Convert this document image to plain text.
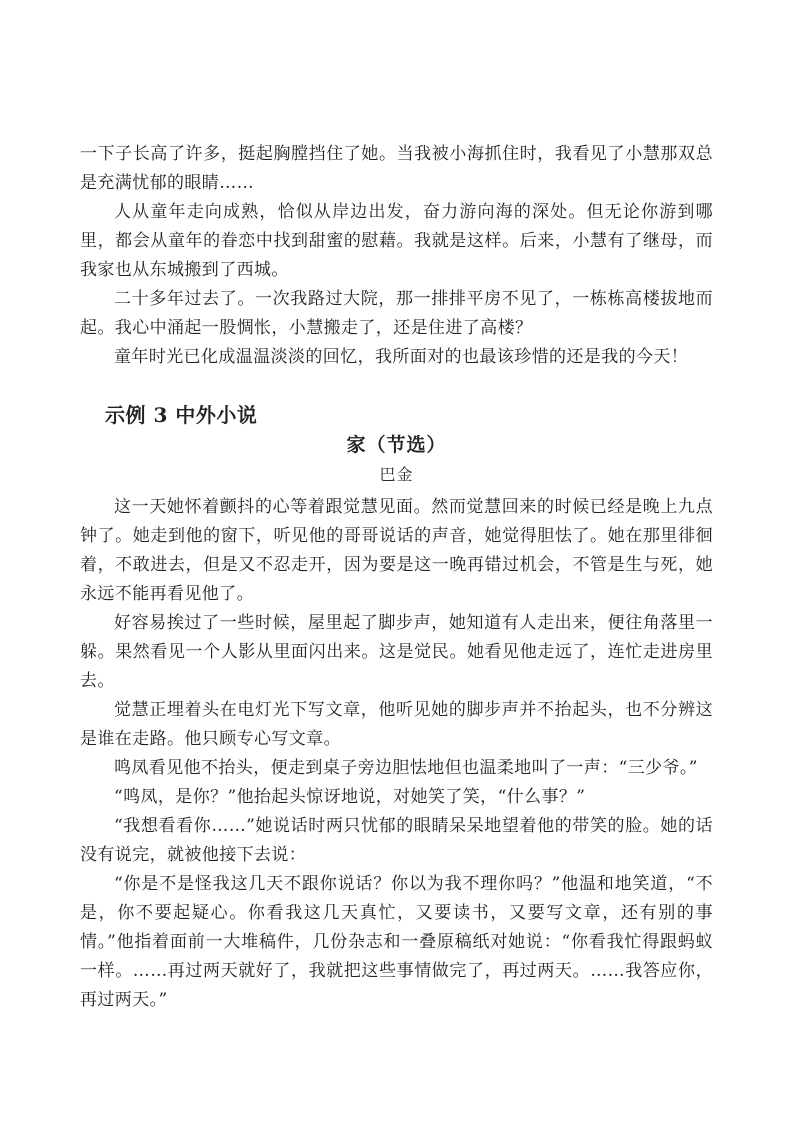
一下子长高了许多，挺起胸膛挡住了她。当我被小海抓住时，我看见了小慧那双总是充满忧郁的眼睛……

人从童年走向成熟，恰似从岸边出发，奋力游向海的深处。但无论你游到哪里，都会从童年的眷恋中找到甜蜜的慰藉。我就是这样。后来，小慧有了继母，而我家也从东城搬到了西城。

二十多年过去了。一次我路过大院，那一排排平房不见了，一栋栋高楼拔地而起。我心中涌起一股惆怅，小慧搬走了，还是住进了高楼？

童年时光已化成温温淡淡的回忆，我所面对的也最该珍惜的还是我的今天！

示例 3 中外小说
家（节选）
巴金

这一天她怀着颤抖的心等着跟觉慧见面。然而觉慧回来的时候已经是晚上九点钟了。她走到他的窗下，听见他的哥哥说话的声音，她觉得胆怯了。她在那里徘徊着，不敢进去，但是又不忍走开，因为要是这一晚再错过机会，不管是生与死，她永远不能再看见他了。

好容易挨过了一些时候，屋里起了脚步声，她知道有人走出来，便往角落里一躲。果然看见一个人影从里面闪出来。这是觉民。她看见他走远了，连忙走进房里去。

觉慧正埋着头在电灯光下写文章，他听见她的脚步声并不抬起头，也不分辨这是谁在走路。他只顾专心写文章。

鸣凤看见他不抬头，便走到桌子旁边胆怯地但也温柔地叫了一声：“三少爷。”

“鸣凤，是你？”他抬起头惊讶地说，对她笑了笑，“什么事？”

“我想看看你……”她说话时两只忧郁的眼睛呆呆地望着他的带笑的脸。她的话没有说完，就被他接下去说：

“你是不是怪我这几天不跟你说话？你以为我不理你吗？”他温和地笑道，“不是，你不要起疑心。你看我这几天真忙，又要读书，又要写文章，还有别的事情。”他指着面前一大堆稿件，几份杂志和一叠原稿纸对她说：“你看我忙得跟蚂蚁一样。……再过两天就好了，我就把这些事情做完了，再过两天。……我答应你，再过两天。”
